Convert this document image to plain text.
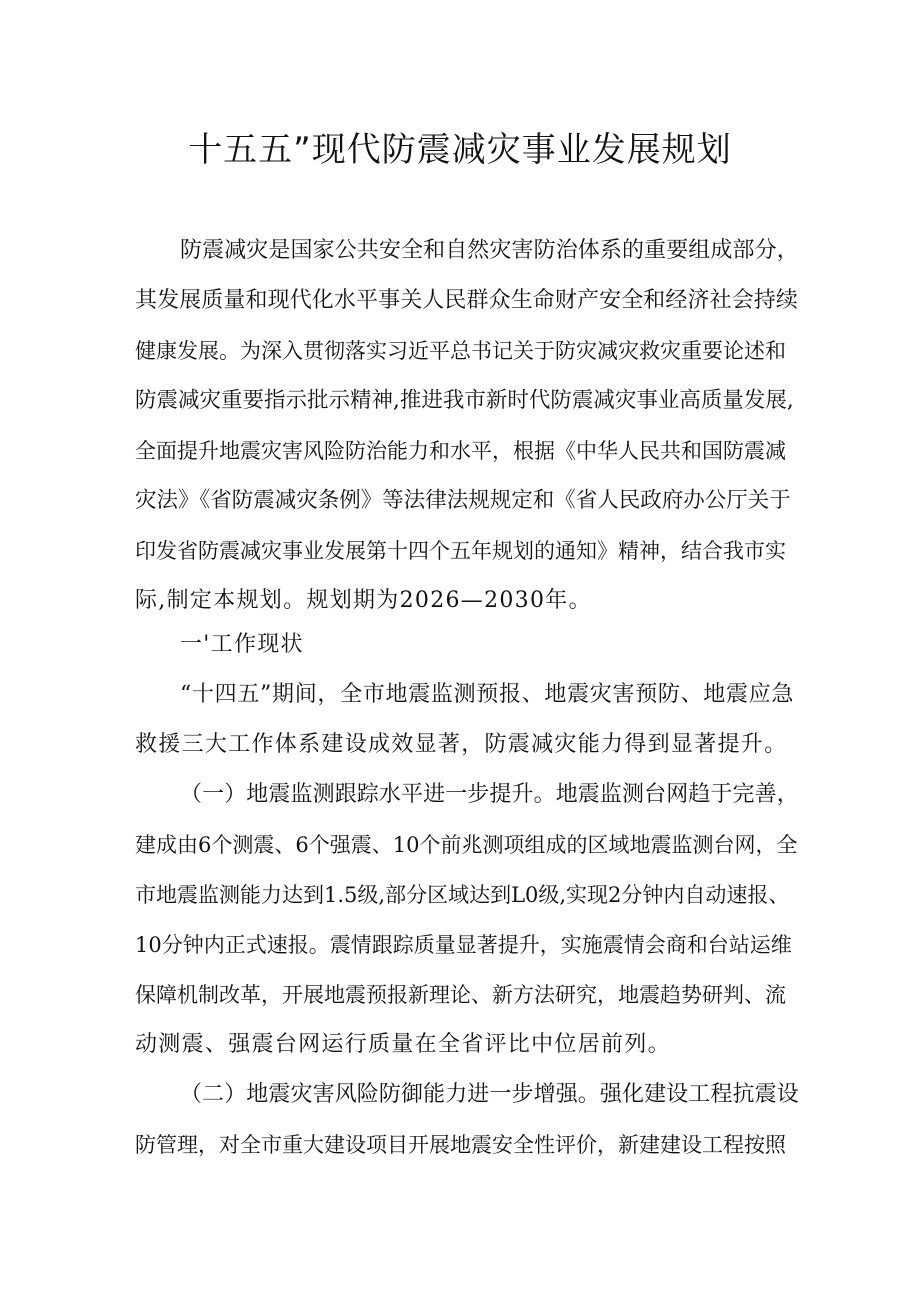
十五五”现代防震减灾事业发展规划

防震减灾是国家公共安全和自然灾害防治体系的重要组成部分，

其发展质量和现代化水平事关人民群众生命财产安全和经济社会持续

健康发展。为深入贯彻落实习近平总书记关于防灾减灾救灾重要论述和

防震减灾重要指示批示精神,推进我市新时代防震减灾事业高质量发展,

全面提升地震灾害风险防治能力和水平，根据《中华人民共和国防震减

灾法》《省防震减灾条例》等法律法规规定和《省人民政府办公厅关于

印发省防震减灾事业发展第十四个五年规划的通知》精神，结合我市实

际,制定本规划。规划期为2026—2030年。

一'工作现状

“十四五”期间，全市地震监测预报、地震灾害预防、地震应急

救援三大工作体系建设成效显著，防震减灾能力得到显著提升。

（一）地震监测跟踪水平进一步提升。地震监测台网趋于完善，

建成由6个测震、6个强震、10个前兆测项组成的区域地震监测台网，全

市地震监测能力达到1.5级,部分区域达到L0级,实现2分钟内自动速报、

10分钟内正式速报。震情跟踪质量显著提升，实施震情会商和台站运维

保障机制改革，开展地震预报新理论、新方法研究，地震趋势研判、流

动测震、强震台网运行质量在全省评比中位居前列。

（二）地震灾害风险防御能力进一步增强。强化建设工程抗震设

防管理，对全市重大建设项目开展地震安全性评价，新建建设工程按照
